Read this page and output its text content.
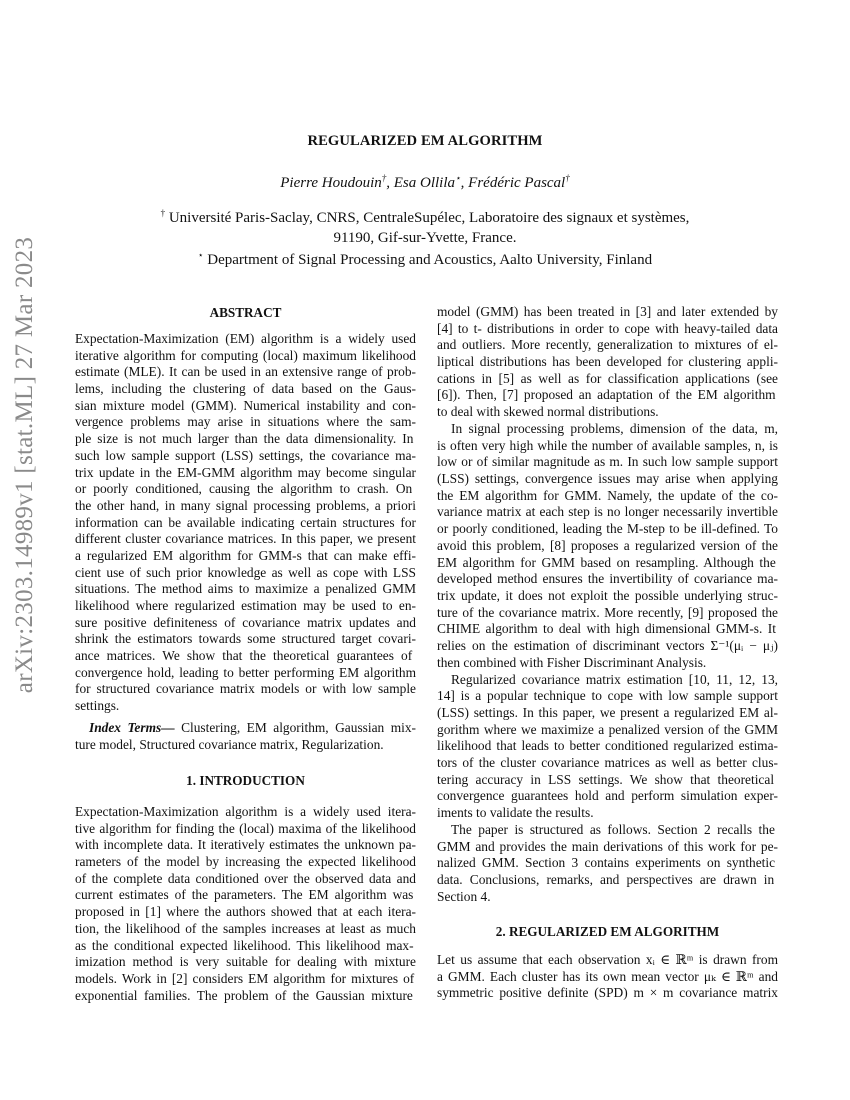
arXiv:2303.14989v1 [stat.ML] 27 Mar 2023
REGULARIZED EM ALGORITHM
Pierre Houdouin†, Esa Ollila⋆, Frédéric Pascal†
† Université Paris-Saclay, CNRS, CentraleSupélec, Laboratoire des signaux et systèmes,
91190, Gif-sur-Yvette, France.
⋆ Department of Signal Processing and Acoustics, Aalto University, Finland
ABSTRACT
Expectation-Maximization (EM) algorithm is a widely used
iterative algorithm for computing (local) maximum likelihood
estimate (MLE). It can be used in an extensive range of prob-
lems, including the clustering of data based on the Gaus-
sian mixture model (GMM). Numerical instability and con-
vergence problems may arise in situations where the sam-
ple size is not much larger than the data dimensionality. In
such low sample support (LSS) settings, the covariance ma-
trix update in the EM-GMM algorithm may become singular
or poorly conditioned, causing the algorithm to crash. On
the other hand, in many signal processing problems, a priori
information can be available indicating certain structures for
different cluster covariance matrices. In this paper, we present
a regularized EM algorithm for GMM-s that can make effi-
cient use of such prior knowledge as well as cope with LSS
situations. The method aims to maximize a penalized GMM
likelihood where regularized estimation may be used to en-
sure positive definiteness of covariance matrix updates and
shrink the estimators towards some structured target covari-
ance matrices. We show that the theoretical guarantees of
convergence hold, leading to better performing EM algorithm
for structured covariance matrix models or with low sample
settings.
Index Terms— Clustering, EM algorithm, Gaussian mix-
ture model, Structured covariance matrix, Regularization.
1. INTRODUCTION
Expectation-Maximization algorithm is a widely used itera-
tive algorithm for finding the (local) maxima of the likelihood
with incomplete data. It iteratively estimates the unknown pa-
rameters of the model by increasing the expected likelihood
of the complete data conditioned over the observed data and
current estimates of the parameters. The EM algorithm was
proposed in [1] where the authors showed that at each itera-
tion, the likelihood of the samples increases at least as much
as the conditional expected likelihood. This likelihood max-
imization method is very suitable for dealing with mixture
models. Work in [2] considers EM algorithm for mixtures of
exponential families. The problem of the Gaussian mixture
model (GMM) has been treated in [3] and later extended by
[4] to t- distributions in order to cope with heavy-tailed data
and outliers. More recently, generalization to mixtures of el-
liptical distributions has been developed for clustering appli-
cations in [5] as well as for classification applications (see
[6]). Then, [7] proposed an adaptation of the EM algorithm
to deal with skewed normal distributions.
In signal processing problems, dimension of the data, m,
is often very high while the number of available samples, n, is
low or of similar magnitude as m. In such low sample support
(LSS) settings, convergence issues may arise when applying
the EM algorithm for GMM. Namely, the update of the co-
variance matrix at each step is no longer necessarily invertible
or poorly conditioned, leading the M-step to be ill-defined. To
avoid this problem, [8] proposes a regularized version of the
EM algorithm for GMM based on resampling. Although the
developed method ensures the invertibility of covariance ma-
trix update, it does not exploit the possible underlying struc-
ture of the covariance matrix. More recently, [9] proposed the
CHIME algorithm to deal with high dimensional GMM-s. It
relies on the estimation of discriminant vectors Σ⁻¹(μᵢ − μⱼ)
then combined with Fisher Discriminant Analysis.
Regularized covariance matrix estimation [10, 11, 12, 13,
14] is a popular technique to cope with low sample support
(LSS) settings. In this paper, we present a regularized EM al-
gorithm where we maximize a penalized version of the GMM
likelihood that leads to better conditioned regularized estima-
tors of the cluster covariance matrices as well as better clus-
tering accuracy in LSS settings. We show that theoretical
convergence guarantees hold and perform simulation exper-
iments to validate the results.
The paper is structured as follows. Section 2 recalls the
GMM and provides the main derivations of this work for pe-
nalized GMM. Section 3 contains experiments on synthetic
data. Conclusions, remarks, and perspectives are drawn in
Section 4.
2. REGULARIZED EM ALGORITHM
Let us assume that each observation xᵢ ∈ ℝᵐ is drawn from
a GMM. Each cluster has its own mean vector μₖ ∈ ℝᵐ and
symmetric positive definite (SPD) m × m covariance matrix
